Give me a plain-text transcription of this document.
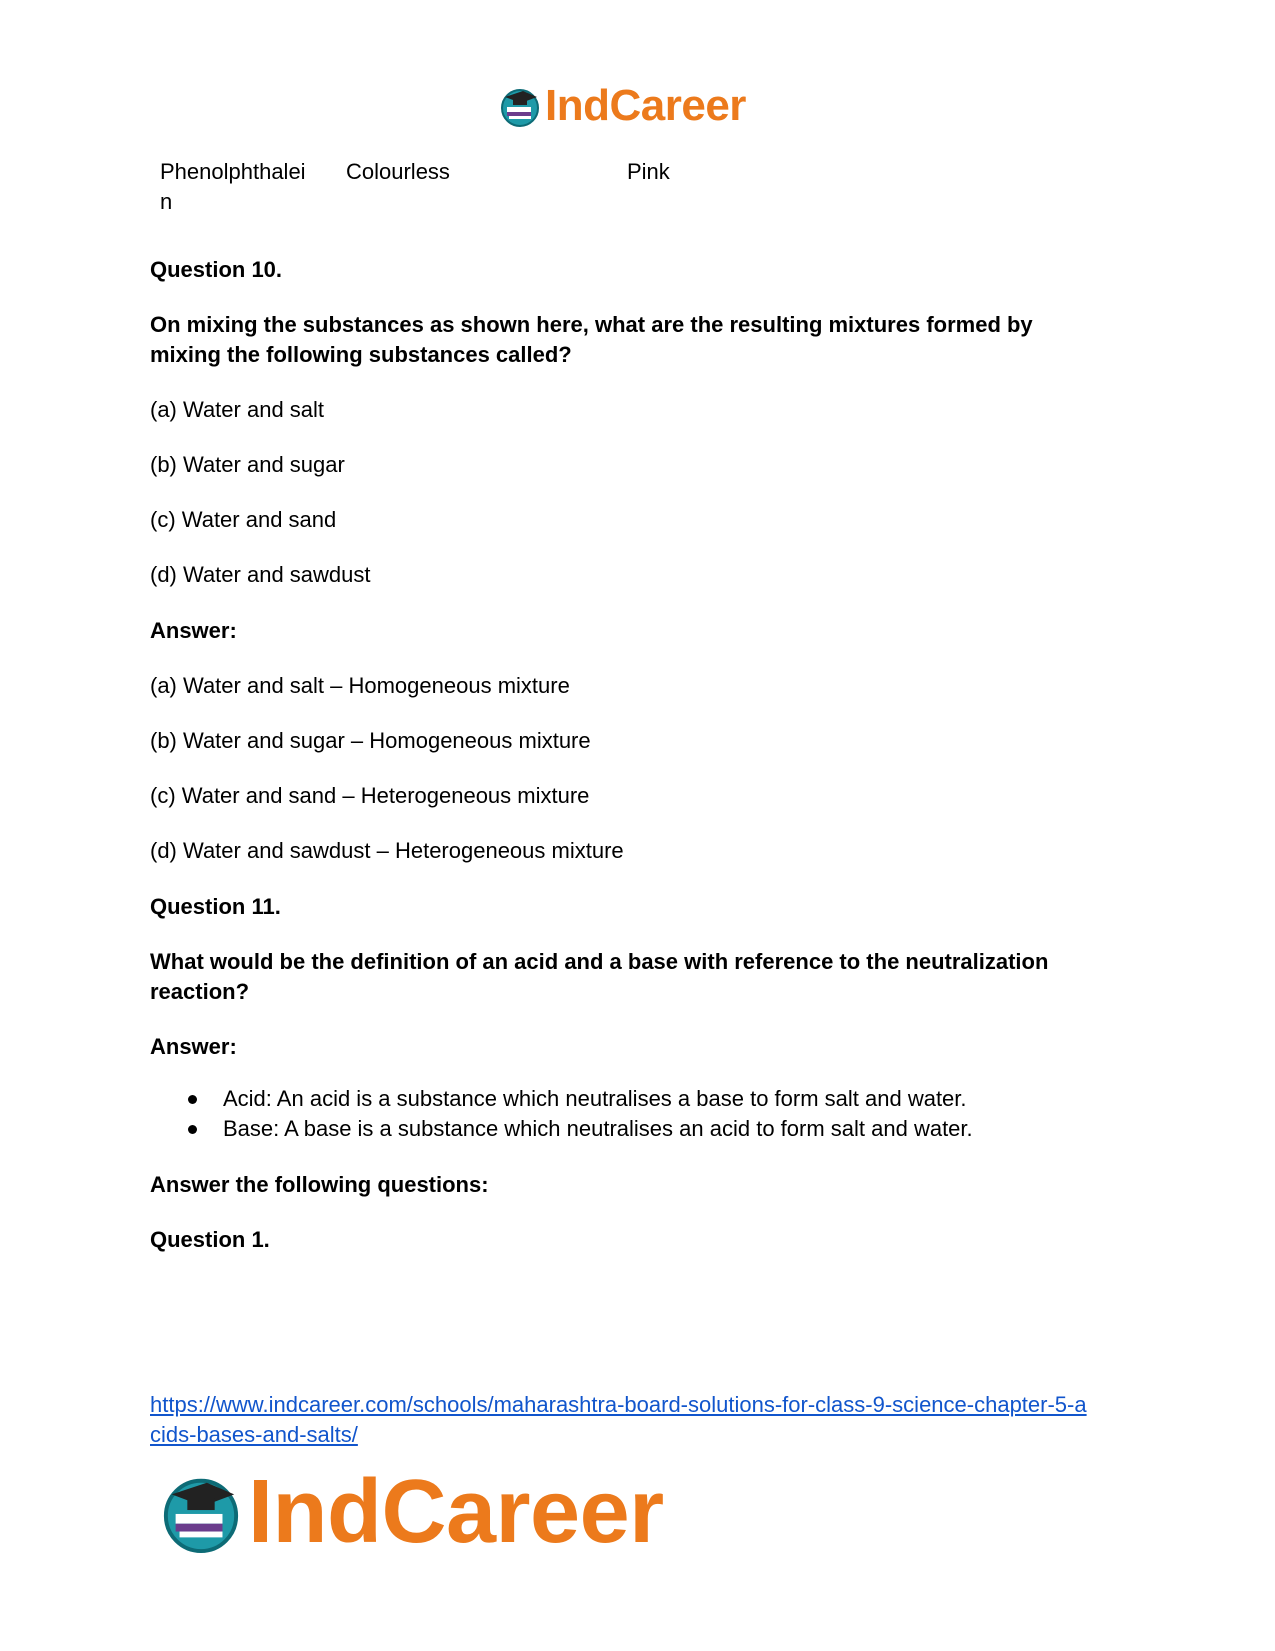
IndCareer
Phenolphthalei
n
Colourless	Pink
Question 10.
On mixing the substances as shown here, what are the resulting mixtures formed by
mixing the following substances called?
(a) Water and salt
(b) Water and sugar
(c) Water and sand
(d) Water and sawdust
Answer:
(a) Water and salt – Homogeneous mixture
(b) Water and sugar – Homogeneous mixture
(c) Water and sand – Heterogeneous mixture
(d) Water and sawdust – Heterogeneous mixture
Question 11.
What would be the definition of an acid and a base with reference to the neutralization
reaction?
Answer:
Acid: An acid is a substance which neutralises a base to form salt and water.
Base: A base is a substance which neutralises an acid to form salt and water.
Answer the following questions:
Question 1.
https://www.indcareer.com/schools/maharashtra-board-solutions-for-class-9-science-chapter-5-a
cids-bases-and-salts/
IndCareer
